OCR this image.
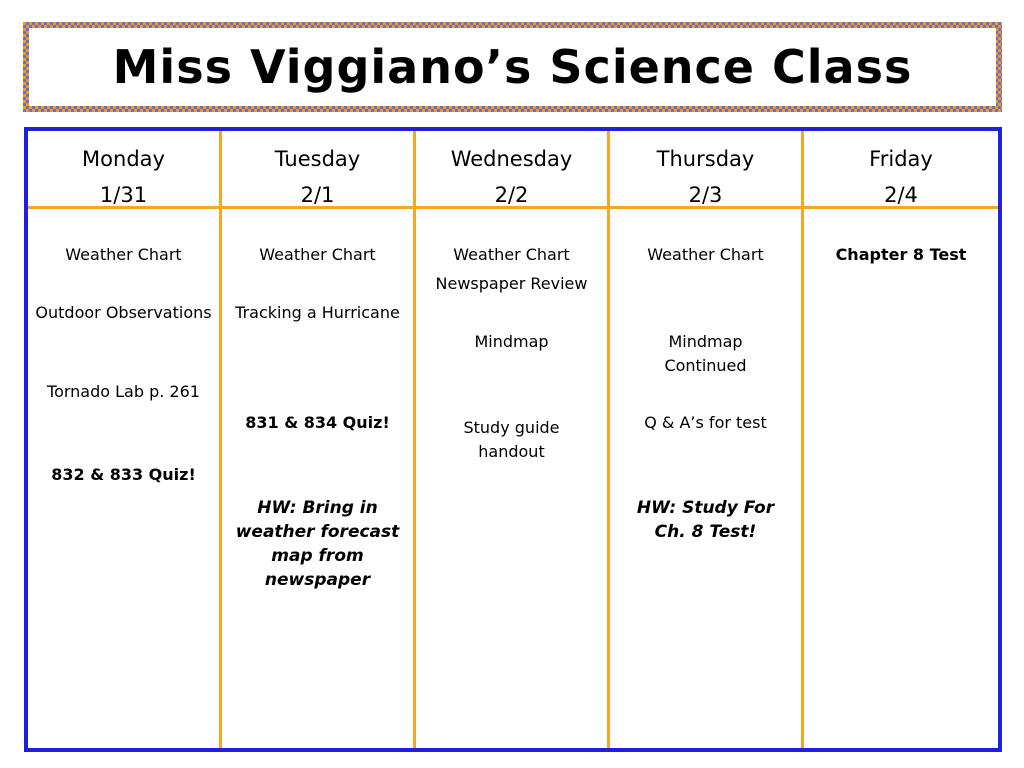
Miss Viggiano’s Science Class
Monday
1/31
Tuesday
2/1
Wednesday
2/2
Thursday
2/3
Friday
2/4
Weather Chart
Outdoor Observations
Tornado Lab p. 261
832 & 833 Quiz!
Weather Chart
Tracking a Hurricane
831 & 834 Quiz!
HW: Bring in weather forecast map from newspaper
Weather Chart
Newspaper Review
Mindmap
Study guide handout
Weather Chart
Mindmap Continued
Q & A’s for test
HW: Study For Ch. 8 Test!
Chapter 8 Test
